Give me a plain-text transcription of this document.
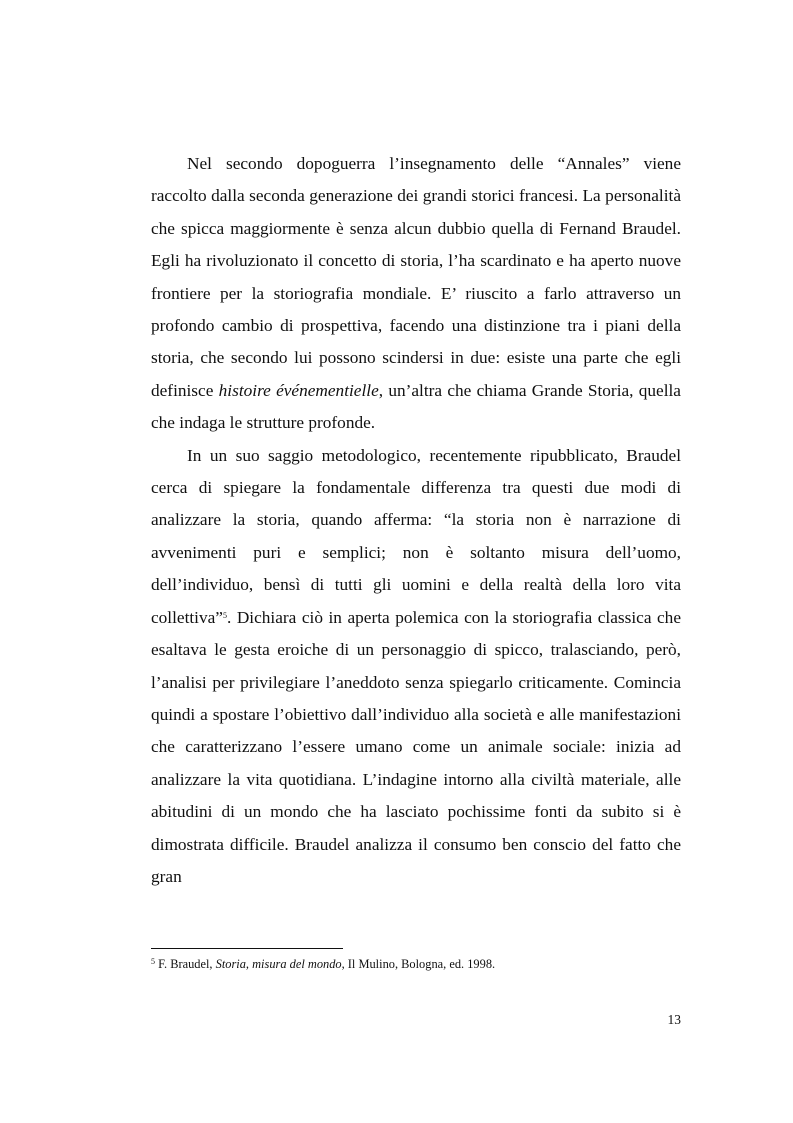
Nel secondo dopoguerra l’insegnamento delle “Annales” viene raccolto dalla seconda generazione dei grandi storici francesi. La personalità che spicca maggiormente è senza alcun dubbio quella di Fernand Braudel. Egli ha rivoluzionato il concetto di storia, l’ha scardinato e ha aperto nuove frontiere per la storiografia mondiale. E’ riuscito a farlo attraverso un profondo cambio di prospettiva, facendo una distinzione tra i piani della storia, che secondo lui possono scindersi in due: esiste una parte che egli definisce histoire événementielle, un’altra che chiama Grande Storia, quella che indaga le strutture profonde.

In un suo saggio metodologico, recentemente ripubblicato, Braudel cerca di spiegare la fondamentale differenza tra questi due modi di analizzare la storia, quando afferma: “la storia non è narrazione di avvenimenti puri e semplici; non è soltanto misura dell’uomo, dell’individuo, bensì di tutti gli uomini e della realtà della loro vita collettiva”$^5$. Dichiara ciò in aperta polemica con la storiografia classica che esaltava le gesta eroiche di un personaggio di spicco, tralasciando, però, l’analisi per privilegiare l’aneddoto senza spiegarlo criticamente. Comincia quindi a spostare l’obiettivo dall’individuo alla società e alle manifestazioni che caratterizzano l’essere umano come un animale sociale: inizia ad analizzare la vita quotidiana. L’indagine intorno alla civiltà materiale, alle abitudini di un mondo che ha lasciato pochissime fonti da subito si è dimostrata difficile. Braudel analizza il consumo ben conscio del fatto che gran

$^5$ F. Braudel, Storia, misura del mondo, Il Mulino, Bologna, ed. 1998.

13
